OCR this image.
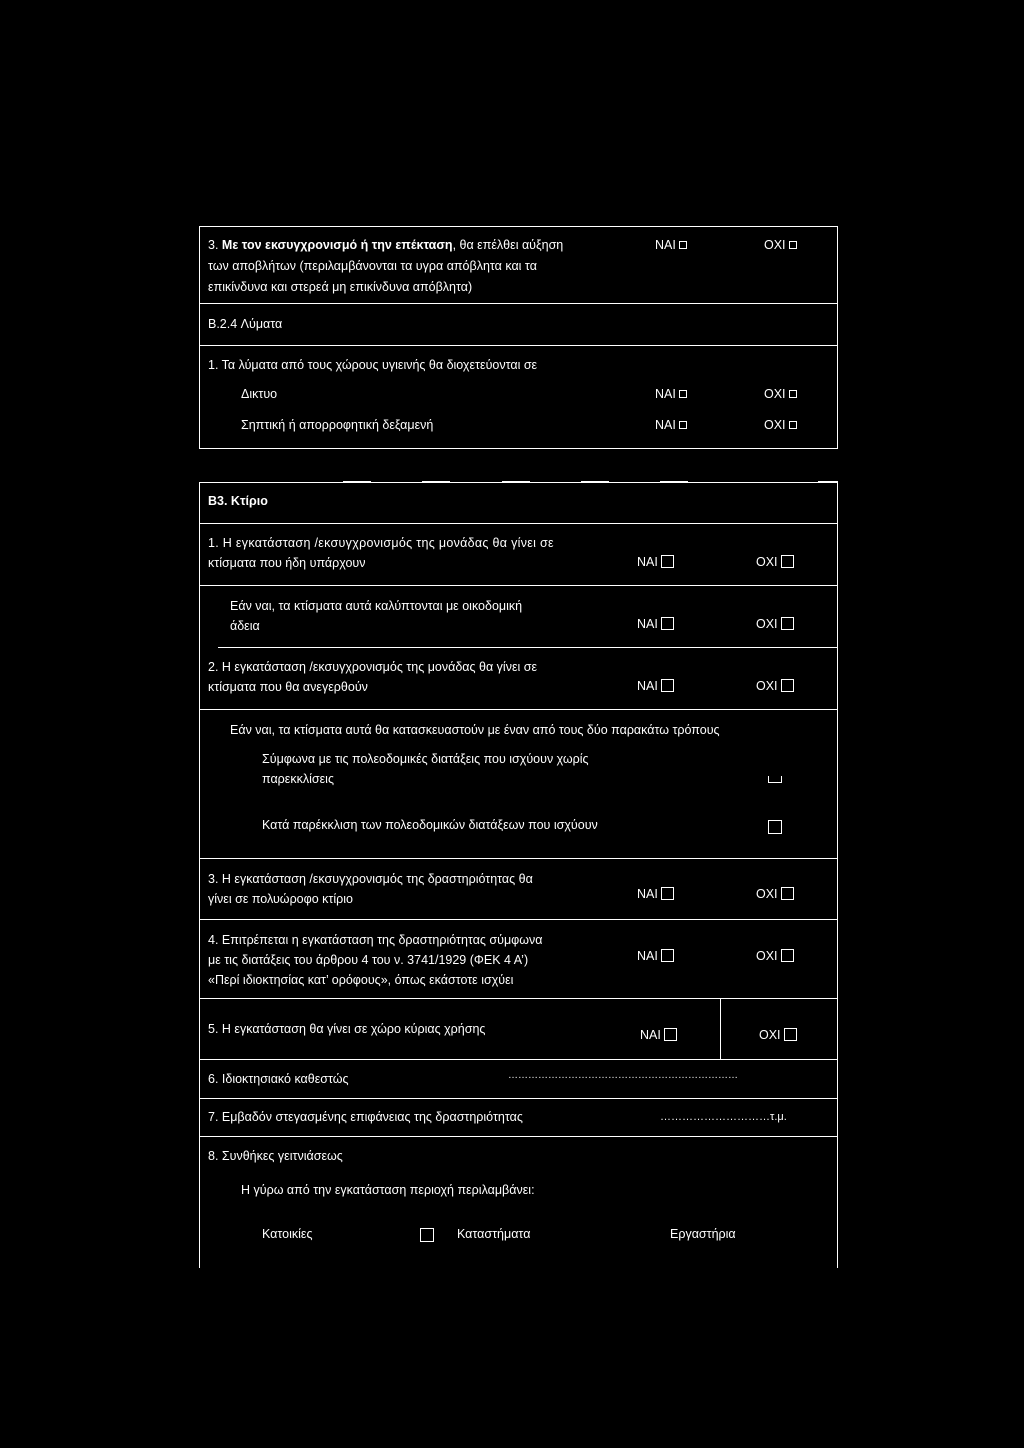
3. Με τον εκσυγχρονισμό ή την επέκταση, θα επέλθει αύξηση
των αποβλήτων (περιλαμβάνονται τα υγρα απόβλητα και τα
επικίνδυνα και στερεά μη επικίνδυνα απόβλητα)
ΝΑΙ	ΟΧΙ
B.2.4 Λύματα
1. Τα λύματα από τους χώρους υγιεινής θα διοχετεύονται σε
Δικτυο	ΝΑΙ	ΟΧΙ
Σηπτική ή απορροφητική δεξαμενή	ΝΑΙ	ΟΧΙ
B3. Κτίριο
1. Η εγκατάσταση /εκσυγχρονισμός της μονάδας θα γίνει σε
κτίσματα που ήδη υπάρχουν	ΝΑΙ	ΟΧΙ
Εάν ναι, τα κτίσματα αυτά καλύπτονται με οικοδομική
άδεια	ΝΑΙ	ΟΧΙ
2. Η εγκατάσταση /εκσυγχρονισμός της μονάδας θα γίνει σε
κτίσματα που θα ανεγερθούν	ΝΑΙ	ΟΧΙ
Εάν ναι, τα κτίσματα αυτά θα κατασκευαστούν με έναν από τους δύο παρακάτω τρόπους
Σύμφωνα με τις πολεοδομικές διατάξεις που ισχύουν χωρίς
παρεκκλίσεις
Κατά παρέκκλιση των πολεοδομικών διατάξεων που ισχύουν
3. Η εγκατάσταση /εκσυγχρονισμός της δραστηριότητας θα
γίνει σε πολυώροφο κτίριο	ΝΑΙ	ΟΧΙ
4. Επιτρέπεται η εγκατάσταση της δραστηριότητας σύμφωνα
με τις διατάξεις του άρθρου 4 του ν. 3741/1929 (ΦΕΚ 4 Α’)
«Περί ιδιοκτησίας κατ’ ορόφους», όπως εκάστοτε ισχύει
ΝΑΙ	ΟΧΙ
5. Η εγκατάσταση θα γίνει σε χώρο κύριας χρήσης	ΝΑΙ	ΟΧΙ
6. Ιδιοκτησιακό καθεστώς	……………………………………………………………
7. Εμβαδόν στεγασμένης επιφάνειας της δραστηριότητας	…………………………τ.μ.
8. Συνθήκες γειτνιάσεως
Η γύρω από την εγκατάσταση περιοχή περιλαμβάνει:
Κατοικίες	Καταστήματα	Εργαστήρια
